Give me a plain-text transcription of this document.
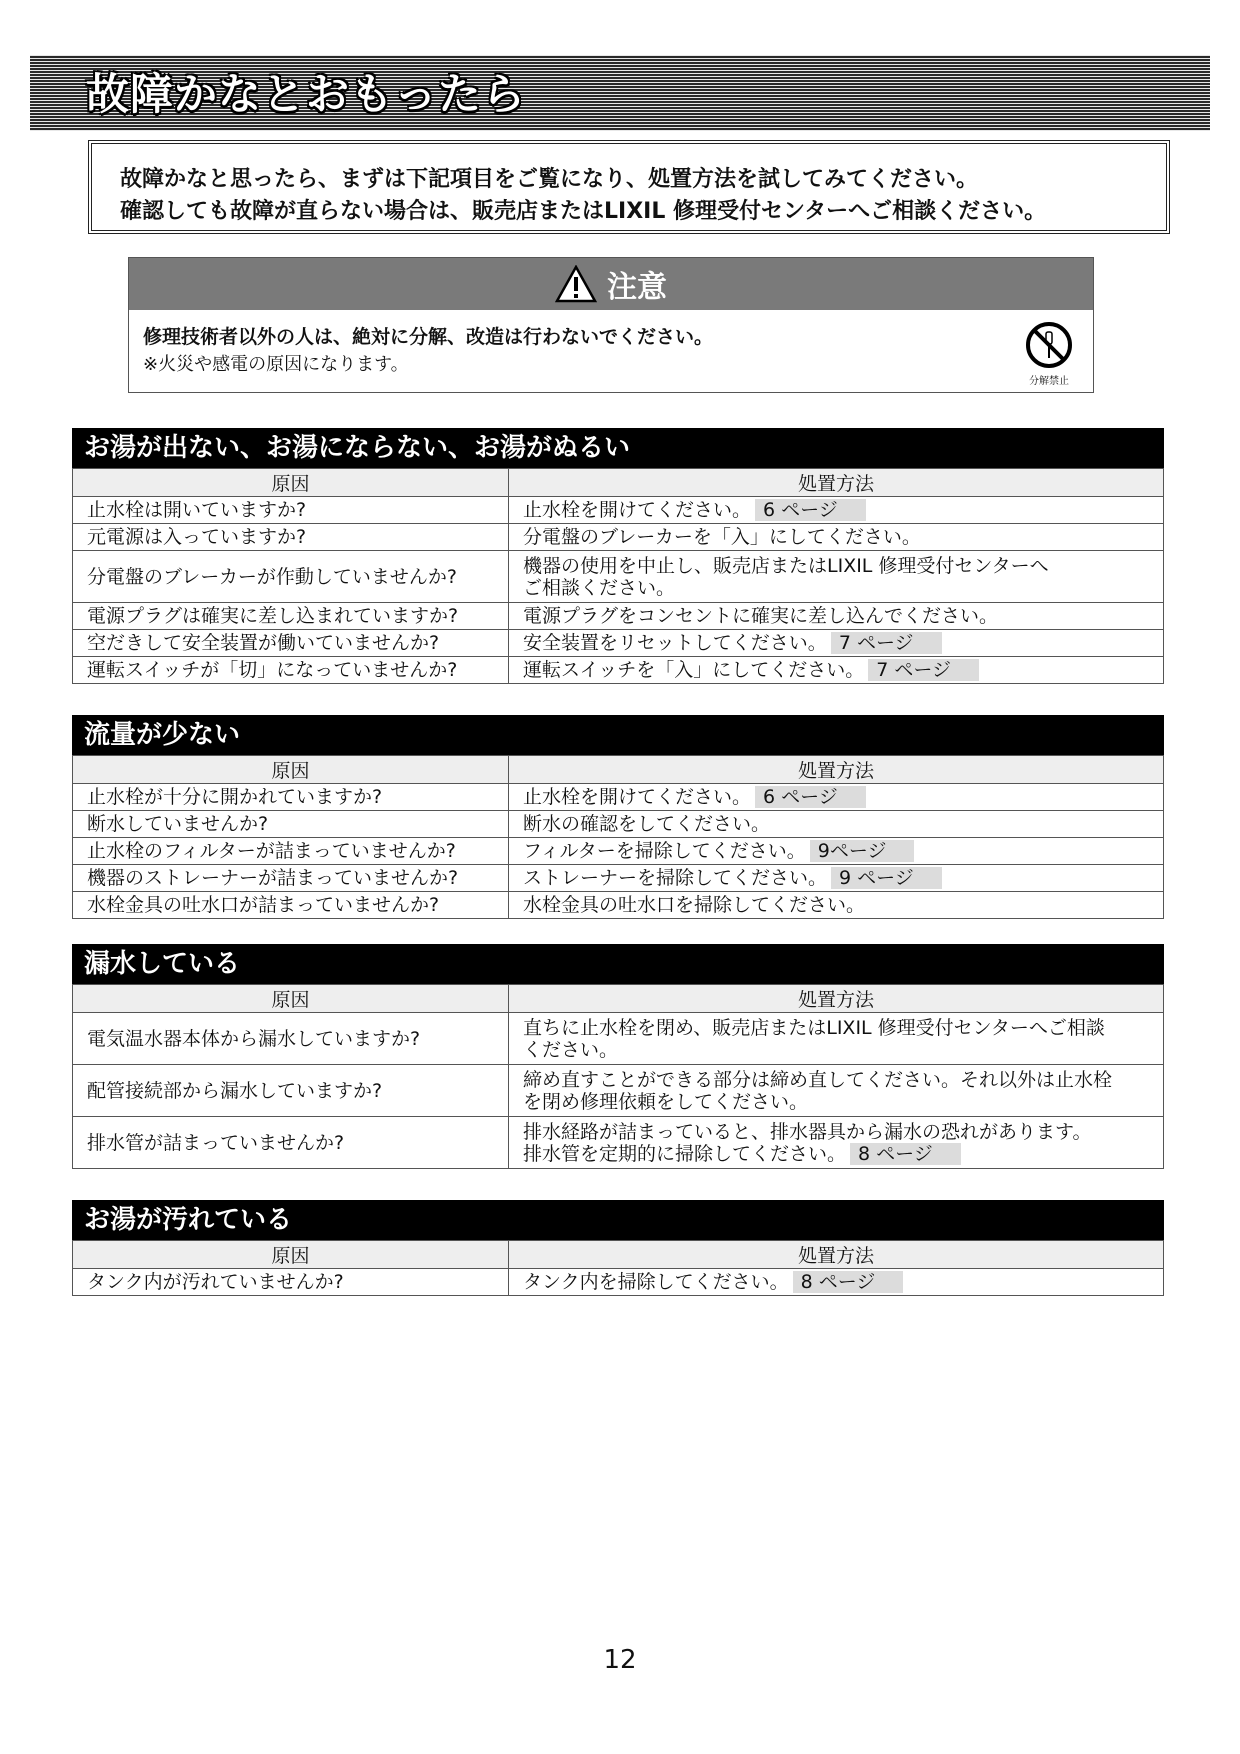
故障かなとおもったら

故障かなと思ったら、まずは下記項目をご覧になり、処置方法を試してみてください。

確認しても故障が直らない場合は、販売店またはLIXIL 修理受付センターへご相談ください。

注意
修理技術者以外の人は、絶対に分解、改造は行わないでください。
※火災や感電の原因になります。
分解禁止
お湯が出ない、お湯にならない、お湯がぬるい
原因	処置方法
止水栓は開いていますか?	止水栓を開けてください。 6 ページ
元電源は入っていますか?	分電盤のブレーカーを「入」にしてください。
分電盤のブレーカーが作動していませんか?	機器の使用を中止し、販売店またはLIXIL 修理受付センターへ
ご相談ください。
電源プラグは確実に差し込まれていますか?	電源プラグをコンセントに確実に差し込んでください。
空だきして安全装置が働いていませんか?	安全装置をリセットしてください。 7 ページ
運転スイッチが「切」になっていませんか?	運転スイッチを「入」にしてください。 7 ページ
流量が少ない
原因	処置方法
止水栓が十分に開かれていますか?	止水栓を開けてください。 6 ページ
断水していませんか?	断水の確認をしてください。
止水栓のフィルターが詰まっていませんか?	フィルターを掃除してください。 9ページ
機器のストレーナーが詰まっていませんか?	ストレーナーを掃除してください。 9 ページ
水栓金具の吐水口が詰まっていませんか?	水栓金具の吐水口を掃除してください。
漏水している
原因	処置方法
電気温水器本体から漏水していますか?	直ちに止水栓を閉め、販売店またはLIXIL 修理受付センターへご相談
ください。
配管接続部から漏水していますか?	締め直すことができる部分は締め直してください。それ以外は止水栓
を閉め修理依頼をしてください。
排水管が詰まっていませんか?	排水経路が詰まっていると、排水器具から漏水の恐れがあります。
排水管を定期的に掃除してください。 8 ページ
お湯が汚れている
原因	処置方法
タンク内が汚れていませんか?	タンク内を掃除してください。 8 ページ
12
